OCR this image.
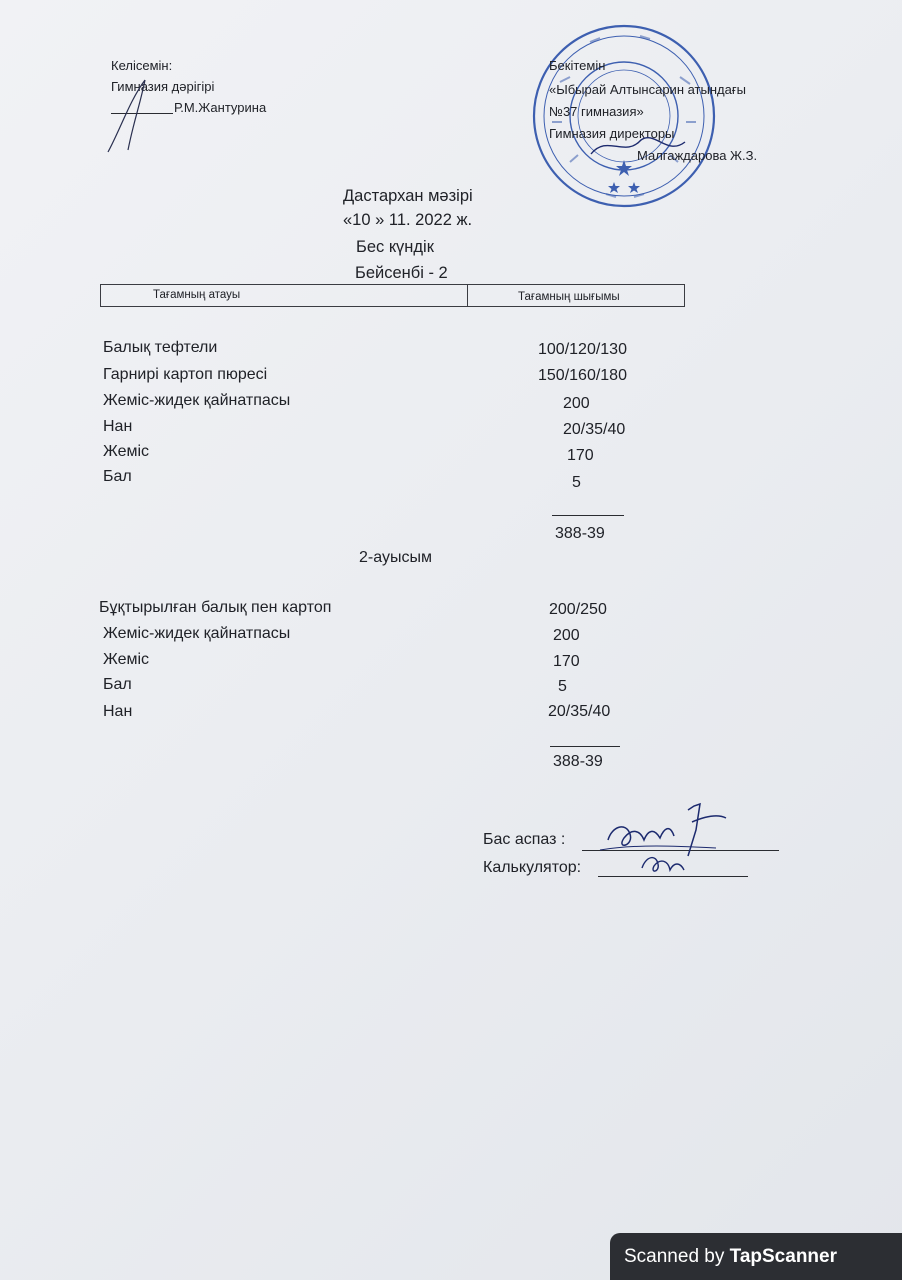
Келісемін:
Гимназия дәрігірі
Р.М.Жантурина
Бекітемін
«Ыбырай Алтынсарин атындағы
№37 гимназия»
Гимназия директоры
Малгаждарова Ж.З.
Дастархан мәзірі
«10 » 11. 2022 ж.
Бес күндік
Бейсенбі - 2
Тағамның атауы	Тағамның шығымы
Балық тефтели	100/120/130
Гарнирі картоп пюресі	150/160/180
Жеміс-жидек қайнатпасы	200
Нан	20/35/40
Жеміс	170
Бал	5
388-39
2-ауысым
Бұқтырылған балық пен картоп	200/250
Жеміс-жидек қайнатпасы	200
Жеміс	170
Бал	5
Нан	20/35/40
388-39
Бас аспаз :
Калькулятор:
Scanned by TapScanner
